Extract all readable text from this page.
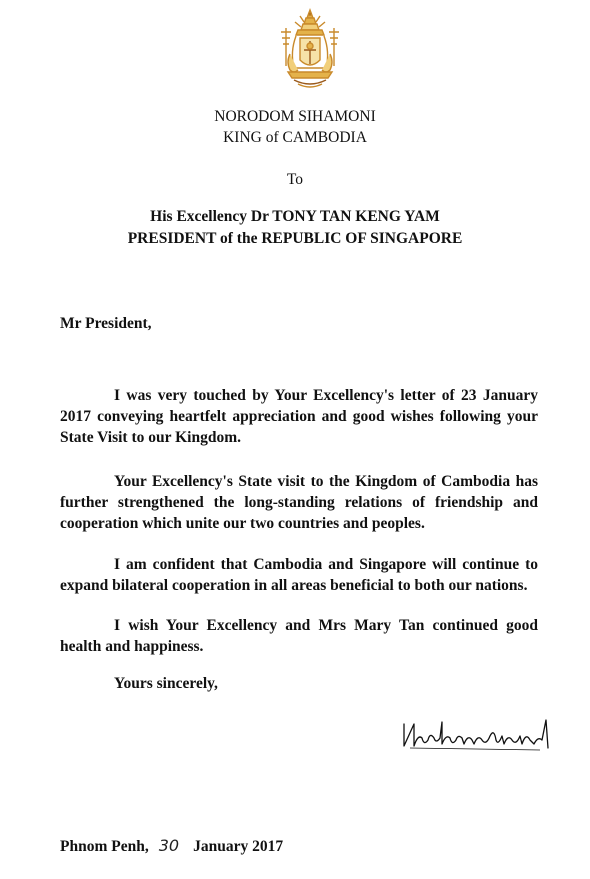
NORODOM SIHAMONI
KING of CAMBODIA
To
His Excellency Dr TONY TAN KENG YAM
PRESIDENT of the REPUBLIC OF SINGAPORE
Mr President,

I was very touched by Your Excellency's letter of 23 January 2017 conveying heartfelt appreciation and good wishes following your State Visit to our Kingdom.

Your Excellency's State visit to the Kingdom of Cambodia has further strengthened the long-standing relations of friendship and cooperation which unite our two countries and peoples.

I am confident that Cambodia and Singapore will continue to expand bilateral cooperation in all areas beneficial to both our nations.

I wish Your Excellency and Mrs Mary Tan continued good health and happiness.

Yours sincerely,
Phnom Penh, 30 January 2017
